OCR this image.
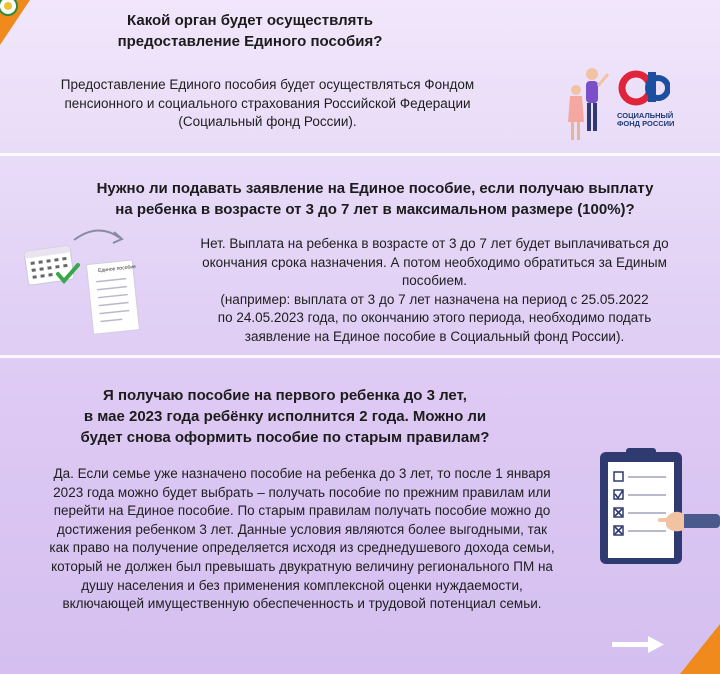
Какой орган будет осуществлять
предоставление Единого пособия?
Предоставление Единого пособия будет осуществляться Фондом
пенсионного и социального страхования Российской Федерации
(Социальный фонд России).	СОЦИАЛЬНЫЙ
ФОНД РОССИИ
Нужно ли подавать заявление на Единое пособие, если получаю выплату
на ребенка в возрасте от 3 до 7 лет в максимальном размере (100%)?
Нет. Выплата на ребенка в возрасте от 3 до 7 лет будет выплачиваться до
окончания срока назначения. А потом необходимо обратиться за Единым
пособием.
(например: выплата от 3 до 7 лет назначена на период с 25.05.2022
по 24.05.2023 года, по окончанию этого периода, необходимо подать
заявление на Единое пособие в Социальный фонд России).
Единое пособие
Я получаю пособие на первого ребенка до 3 лет,
в мае 2023 года ребёнку исполнится 2 года. Можно ли
будет снова оформить пособие по старым правилам?
Да. Если семье уже назначено пособие на ребенка до 3 лет, то после 1 января
2023 года можно будет выбрать – получать пособие по прежним правилам или
перейти на Единое пособие. По старым правилам получать пособие можно до
достижения ребенком 3 лет. Данные условия являются более выгодными, так
как право на получение определяется исходя из среднедушевого дохода семьи,
который не должен был превышать двукратную величину регионального ПМ на
душу населения и без применения комплексной оценки нуждаемости,
включающей имущественную обеспеченность и трудовой потенциал семьи.
